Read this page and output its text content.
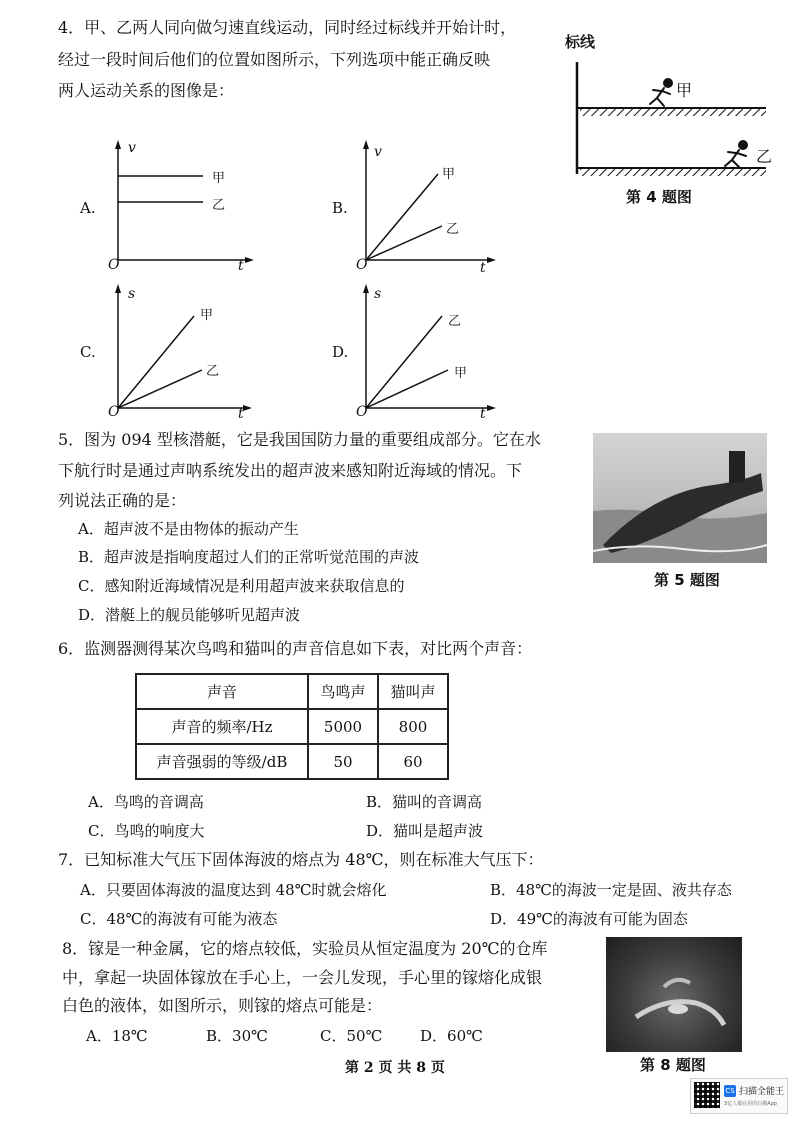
4．甲、乙两人同向做匀速直线运动，同时经过标线并开始计时，
经过一段时间后他们的位置如图所示，下列选项中能正确反映
两人运动关系的图像是：
标线
甲
乙
第 4 题图
A.
v
t
O
甲
乙	B.
v
t
O
甲
乙
C.
s
t
O
甲
乙
D.
s
t
O
乙
甲
5．图为 094 型核潜艇，它是我国国防力量的重要组成部分。它在水
下航行时是通过声呐系统发出的超声波来感知附近海域的情况。下
列说法正确的是：
A．超声波不是由物体的振动产生
B．超声波是指响度超过人们的正常听觉范围的声波
C．感知附近海域情况是利用超声波来获取信息的
D．潜艇上的舰员能够听见超声波
第 5 题图
6．监测器测得某次鸟鸣和猫叫的声音信息如下表，对比两个声音：
声音	鸟鸣声	猫叫声
声音的频率/Hz	5000	800
声音强弱的等级/dB	50	60
A．鸟鸣的音调高	B．猫叫的音调高
C．鸟鸣的响度大	D．猫叫是超声波
7．已知标准大气压下固体海波的熔点为 48℃，则在标准大气压下：
A．只要固体海波的温度达到 48℃时就会熔化	B．48℃的海波一定是固、液共存态
C．48℃的海波有可能为液态	D．49℃的海波有可能为固态
8．镓是一种金属，它的熔点较低，实验员从恒定温度为 20℃的仓库
中，拿起一块固体镓放在手心上，一会儿发现，手心里的镓熔化成银
白色的液体，如图所示，则镓的熔点可能是：
A．18℃	B．30℃	C．50℃	D．60℃
第 8 题图
第 2 页 共 8 页
CS 扫描全能王
3亿人都在用的扫描App
